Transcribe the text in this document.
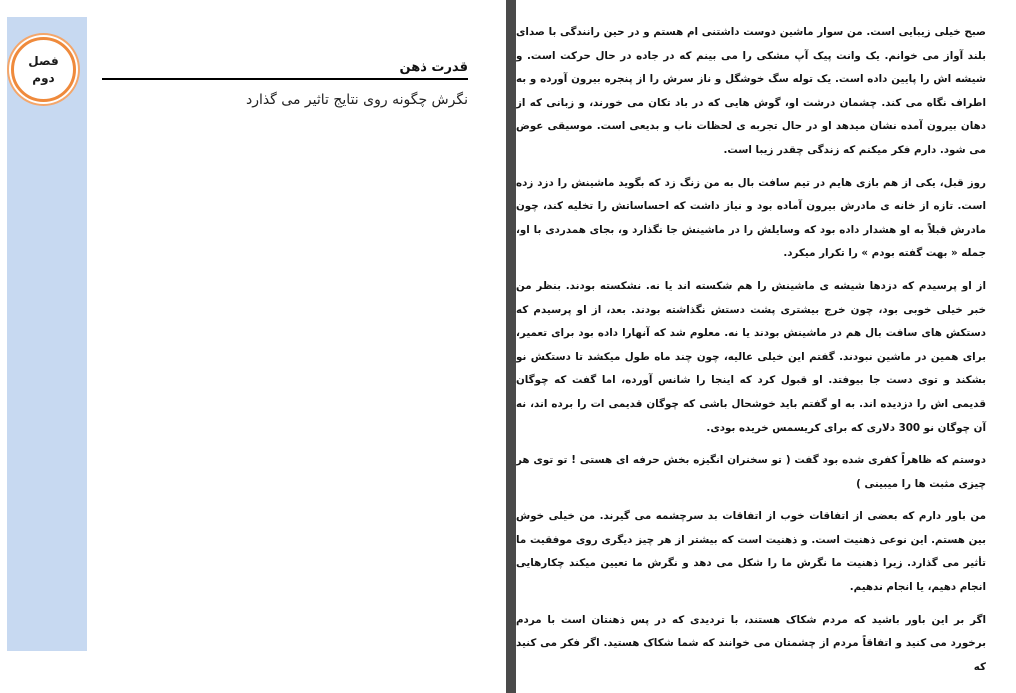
فصل
دوم
قدرت ذهن
نگرش چگونه روی نتایج تاثیر می گذارد

صبح خیلی زیبایی است. من سوار ماشین دوست داشتنی ام هستم و در حین رانندگی با صدای بلند آواز می خوانم. یک وانت پیک آپ مشکی را می بینم که در جاده در حال حرکت است. و شیشه اش را پایین داده است. یک توله سگ خوشگل و ناز سرش را از پنجره بیرون آورده و به اطراف نگاه می کند. چشمان درشت او، گوش هایی که در باد تکان می خورند، و زبانی که از دهان بیرون آمده نشان میدهد او در حال تجربه ی لحظات ناب و بدیعی است. موسیقی عوض می شود. دارم فکر میکنم که زندگی چقدر زیبا است.

روز قبل، یکی از هم بازی هایم در تیم سافت بال به من زنگ زد که بگوید ماشینش را دزد زده است. تازه از خانه ی مادرش بیرون آماده بود و نیاز داشت که احساساتش را تخلیه کند، چون مادرش قبلاً به او هشدار داده بود که وسایلش را در ماشینش جا نگذارد و، بجای همدردی با او، جمله « بهت گفته بودم » را تکرار میکرد.

از او پرسیدم که دزدها شیشه ی ماشینش را هم شکسته اند یا نه. نشکسته بودند. بنظر من خبر خیلی خوبی بود، چون خرج بیشتری پشت دستش نگذاشته بودند. بعد، از او پرسیدم که دستکش های سافت بال هم در ماشینش بودند یا نه. معلوم شد که آنهارا داده بود برای تعمیر، برای همین در ماشین نبودند. گفتم این خیلی عالیه، چون چند ماه طول میکشد تا دستکش نو بشکند و توی دست جا بیوفتد. او قبول کرد که اینجا را شانس آورده، اما گفت که چوگان قدیمی اش را دزدیده اند. به او گفتم باید خوشحال باشی که چوگان قدیمی ات را برده اند، نه آن چوگان نو 300 دلاری که برای کریسمس خریده بودی.

دوستم که ظاهراً کفری شده بود گفت ( تو سخنران انگیزه بخش حرفه ای هستی ! تو توی هر چیزی مثبت ها را میبینی )

من باور دارم که بعضی از اتفاقات خوب از اتفاقات بد سرچشمه می گیرند. من خیلی خوش بین هستم. این نوعی ذهنیت است. و ذهنیت است که بیشتر از هر چیز دیگری روی موفقیت ما تأثیر می گذارد. زیرا ذهنیت ما نگرش ما را شکل می دهد و نگرش ما تعیین میکند چکارهایی انجام دهیم، یا انجام ندهیم.

اگر بر این باور باشید که مردم شکاک هستند، با تردیدی که در پس ذهنتان است با مردم برخورد می کنید و اتفاقاً مردم از چشمتان می خوانند که شما شکاک هستید. اگر فکر می کنید که
